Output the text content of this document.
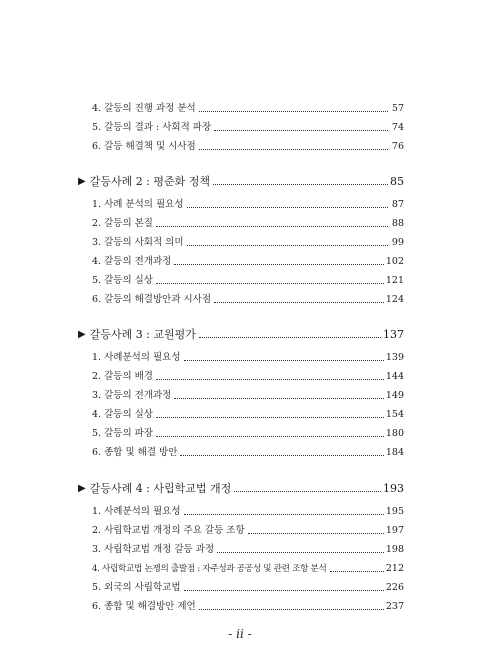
4. 갈등의 진행 과정 분석	57
5. 갈등의 결과 : 사회적 파장	74
6. 갈등 해결책 및 시사점	76
▶ 갈등사례 2 : 평준화 정책	85
1. 사례 분석의 필요성	87
2. 갈등의 본질	88
3. 갈등의 사회적 의미	99
4. 갈등의 전개과정	102
5. 갈등의 실상	121
6. 갈등의 해결방안과 시사점	124
▶ 갈등사례 3 : 교원평가	137
1. 사례분석의 필요성	139
2. 갈등의 배경	144
3. 갈등의 전개과정	149
4. 갈등의 실상	154
5. 갈등의 파장	180
6. 종합 및 해결 방안	184
▶ 갈등사례 4 : 사립학교법 개정	193
1. 사례분석의 필요성	195
2. 사립학교법 개정의 주요 갈등 조항	197
3. 사립학교법 개정 갈등 과정	198
4. 사립학교법 논쟁의 출발점 : 자주성과 공공성 및 관련 조항 분석	212
5. 외국의 사립학교법	226
6. 종합 및 해결방안 제언	237
- ii -
